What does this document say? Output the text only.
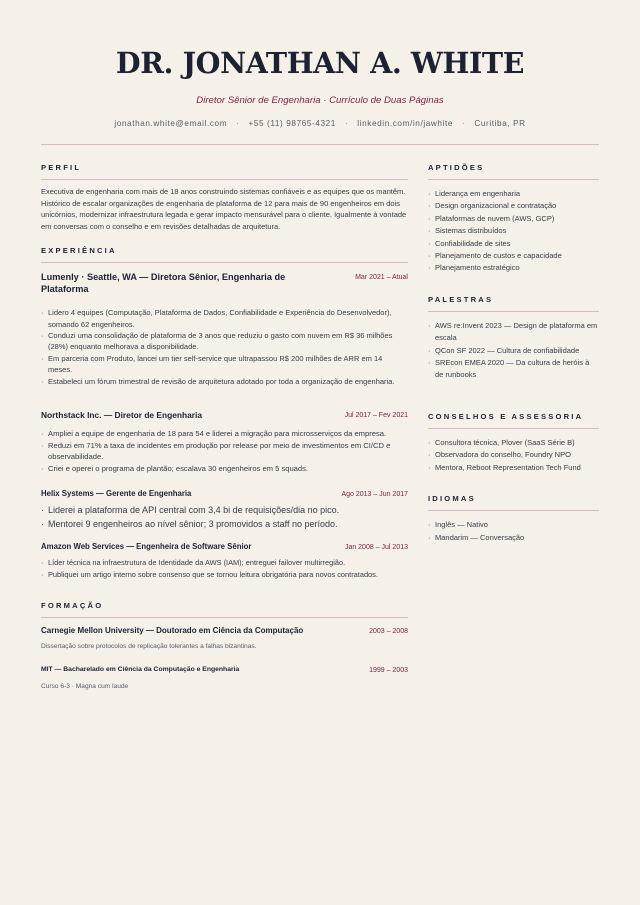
DR. JONATHAN A. WHITE
Diretor Sênior de Engenharia · Currículo de Duas Páginas
jonathan.white@email.com · +55 (11) 98765-4321 · linkedin.com/in/jawhite · Curitiba, PR
PERFIL

Executiva de engenharia com mais de 18 anos construindo sistemas confiáveis e as equipes que os mantêm. Histórico de escalar organizações de engenharia de plataforma de 12 para mais de 90 engenheiros em dois unicórnios, modernizar infraestrutura legada e gerar impacto mensurável para o cliente. Igualmente à vontade em conversas com o conselho e em revisões detalhadas de arquitetura.

EXPERIÊNCIA
Lumenly · Seattle, WA — Diretora Sênior, Engenharia de Plataforma
Mar 2021 – Atual
· Lidero 4 equipes (Computação, Plataforma de Dados, Confiabilidade e Experiência do Desenvolvedor), somando 62 engenheiros.
· Conduzi uma consolidação de plataforma de 3 anos que reduziu o gasto com nuvem em R$ 36 milhões (28%) enquanto melhorava a disponibilidade.
· Em parceria com Produto, lancei um tier self-service que ultrapassou R$ 200 milhões de ARR em 14 meses.
· Estabeleci um fórum trimestral de revisão de arquitetura adotado por toda a organização de engenharia.
Northstack Inc. — Diretor de Engenharia	Jul 2017 – Fev 2021
· Ampliei a equipe de engenharia de 18 para 54 e liderei a migração para microsserviços da empresa.
· Reduzi em 71% a taxa de incidentes em produção por release por meio de investimentos em CI/CD e observabilidade.
· Criei e operei o programa de plantão; escalava 30 engenheiros em 5 squads.
Helix Systems — Gerente de Engenharia	Ago 2013 – Jun 2017
· Liderei a plataforma de API central com 3,4 bi de requisições/dia no pico.
· Mentorei 9 engenheiros ao nível sênior; 3 promovidos a staff no período.
Amazon Web Services — Engenheira de Software Sênior	Jan 2008 – Jul 2013
· Líder técnica na infraestrutura de Identidade da AWS (IAM); entreguei failover multirregião.
· Publiquei um artigo interno sobre consenso que se tornou leitura obrigatória para novos contratados.
FORMAÇÃO
Carnegie Mellon University — Doutorado em Ciência da Computação	2003 – 2008
Dissertação sobre protocolos de replicação tolerantes a falhas bizantinas.
MIT — Bacharelado em Ciência da Computação e Engenharia	1999 – 2003
Curso 6-3 · Magna cum laude
APTIDÕES
· Liderança em engenharia
· Design organizacional e contratação
· Plataformas de nuvem (AWS, GCP)
· Sistemas distribuídos
· Confiabilidade de sites
· Planejamento de custos e capacidade
· Planejamento estratégico
PALESTRAS
· AWS re:Invent 2023 — Design de plataforma em escala
· QCon SF 2022 — Cultura de confiabilidade
· SREcon EMEA 2020 — Da cultura de heróis à de runbooks
CONSELHOS E ASSESSORIA
· Consultora técnica, Plover (SaaS Série B)
· Observadora do conselho, Foundry NPO
· Mentora, Reboot Representation Tech Fund
IDIOMAS
· Inglês — Nativo
· Mandarim — Conversação
